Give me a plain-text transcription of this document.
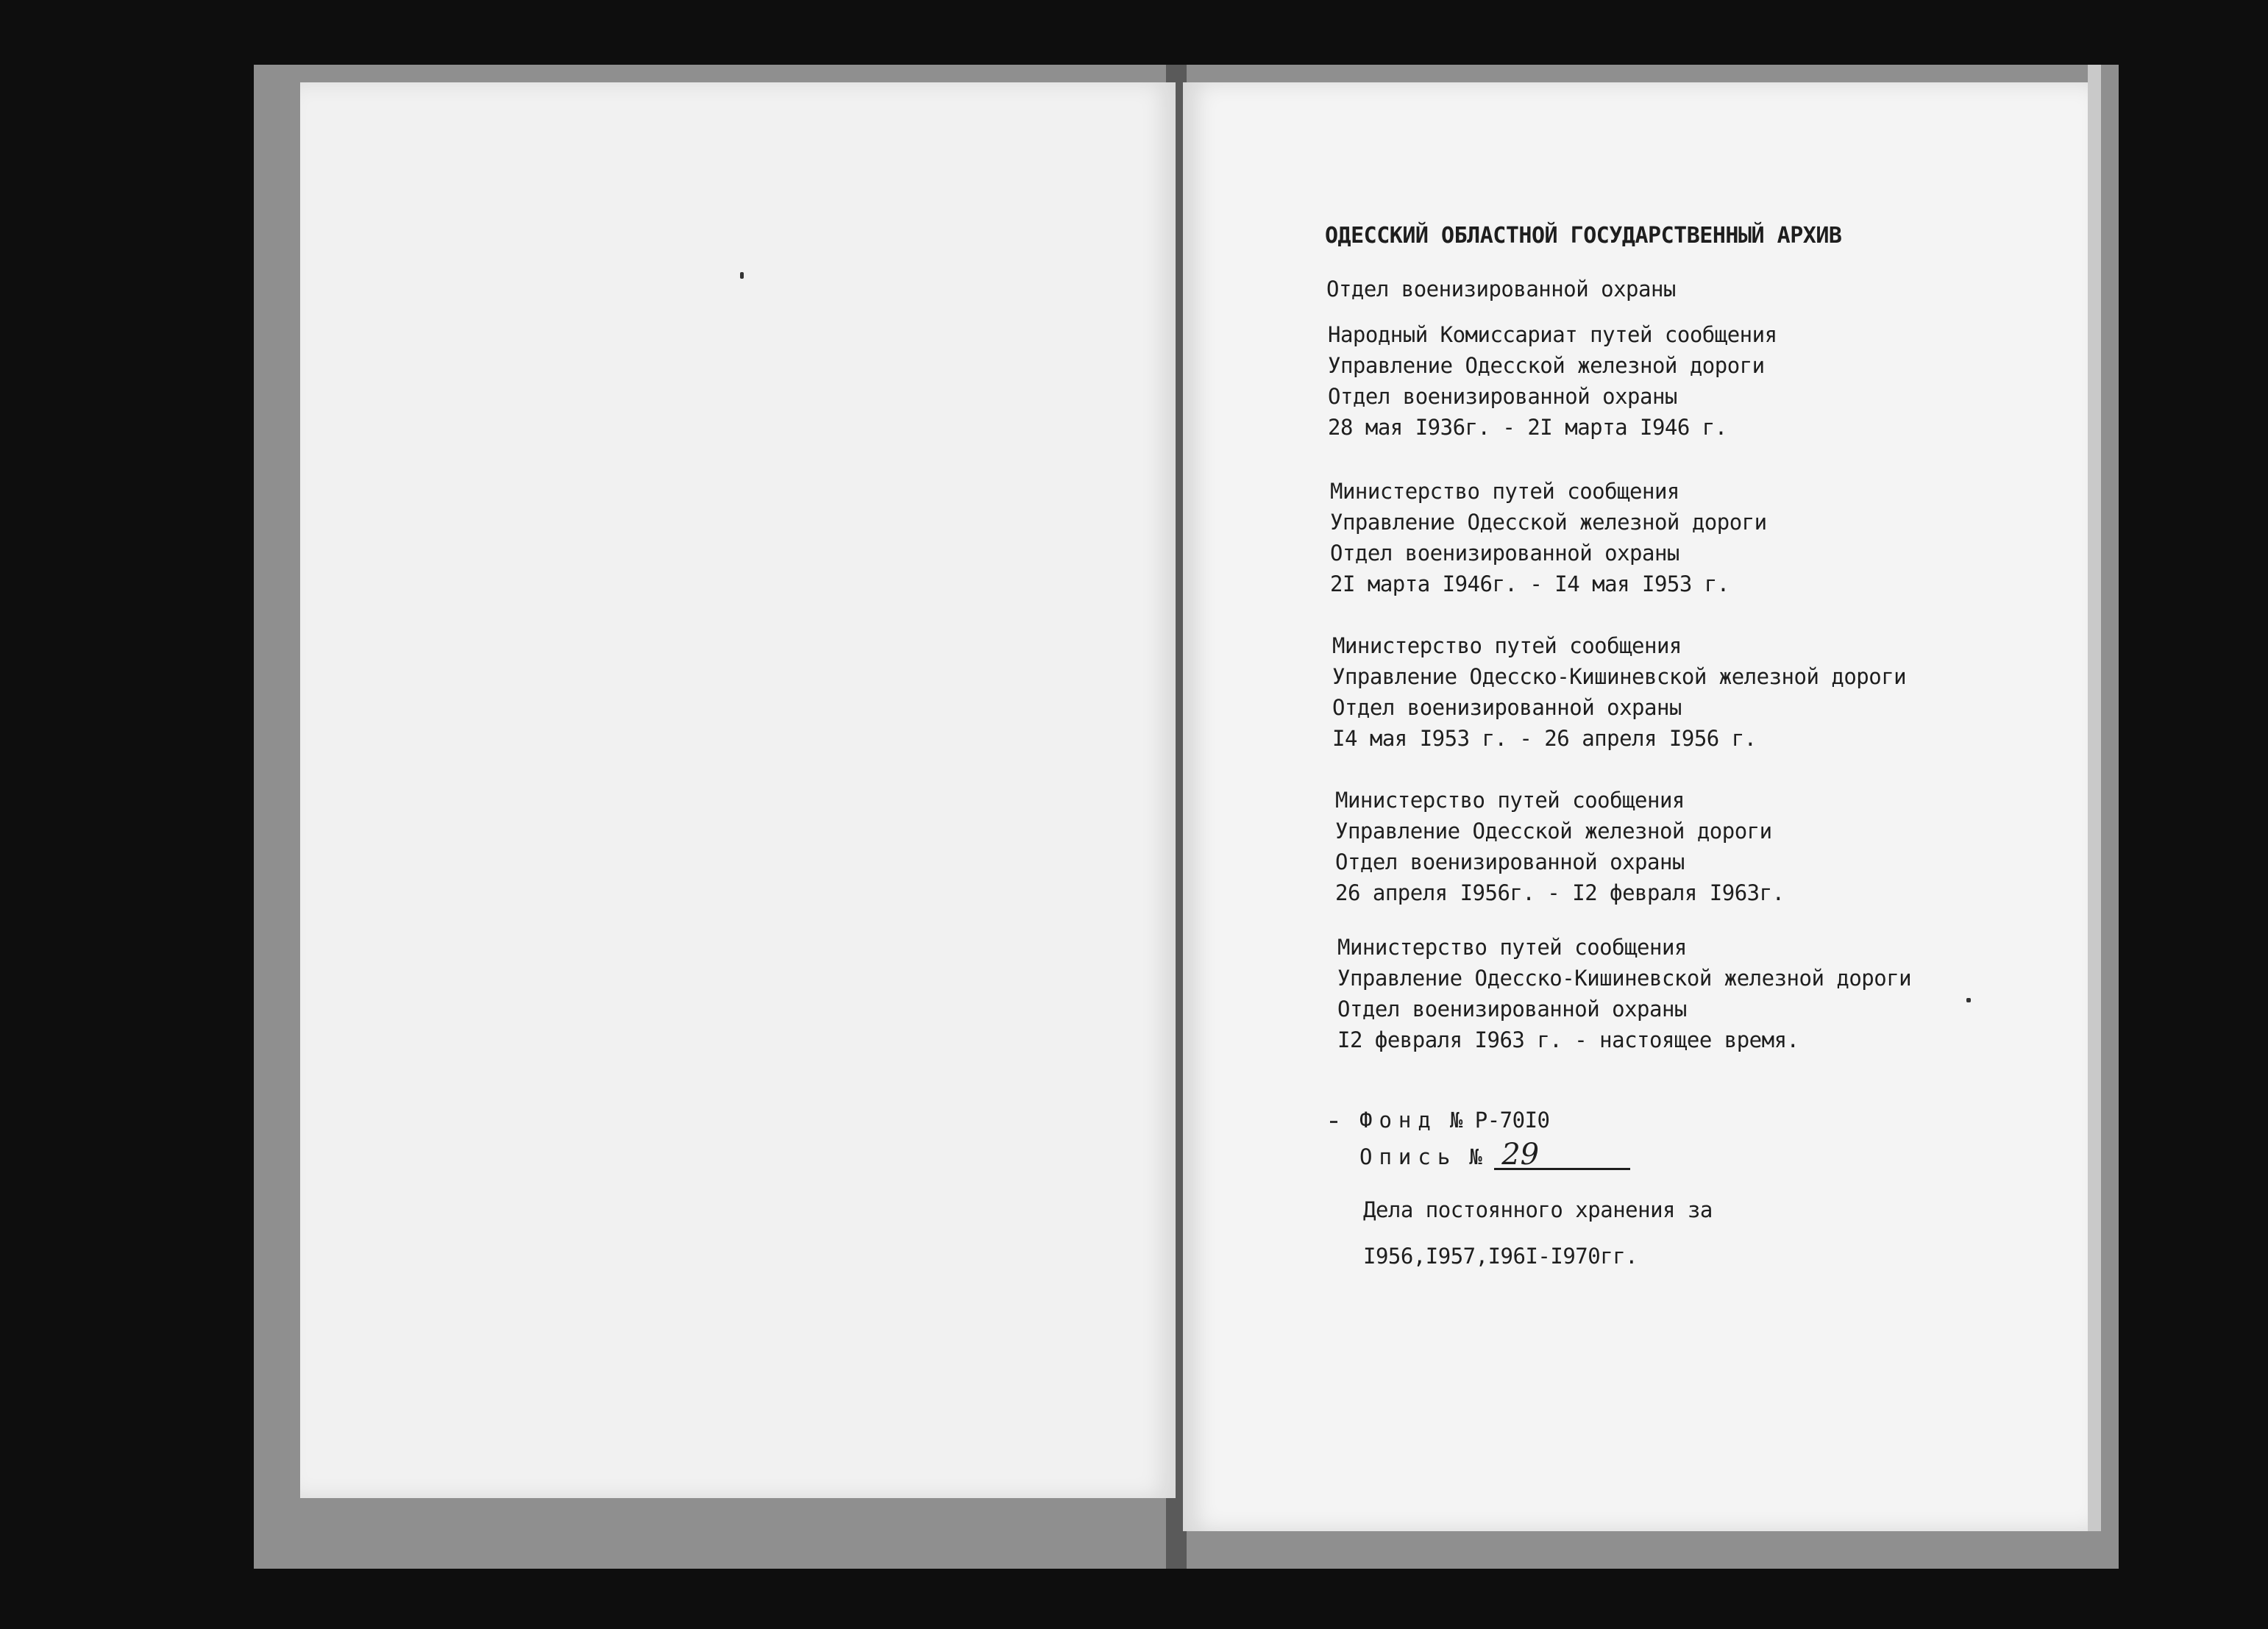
ОДЕССКИЙ ОБЛАСТНОЙ ГОСУДАРСТВЕННЫЙ АРХИВ
Отдел военизированной охраны
Народный Комиссариат путей сообщения
Управление Одесской железной дороги
Отдел военизированной охраны
28 мая I936г. - 2I марта I946 г.
Министерство путей сообщения
Управление Одесской железной дороги
Отдел военизированной охраны
2I марта I946г. - I4 мая I953 г.
Министерство путей сообщения
Управление Одесско-Кишиневской железной дороги
Отдел военизированной охраны
I4 мая I953 г. - 26 апреля I956 г.
Министерство путей сообщения
Управление Одесской железной дороги
Отдел военизированной охраны
26 апреля I956г. - I2 февраля I963г.
Министерство путей сообщения
Управление Одесско-Кишиневской железной дороги
Отдел военизированной охраны
I2 февраля I963 г. - настоящее время.
Фонд № Р-70I0
Опись № 29
Дела постоянного хранения за
I956,I957,I96I-I970гг.
